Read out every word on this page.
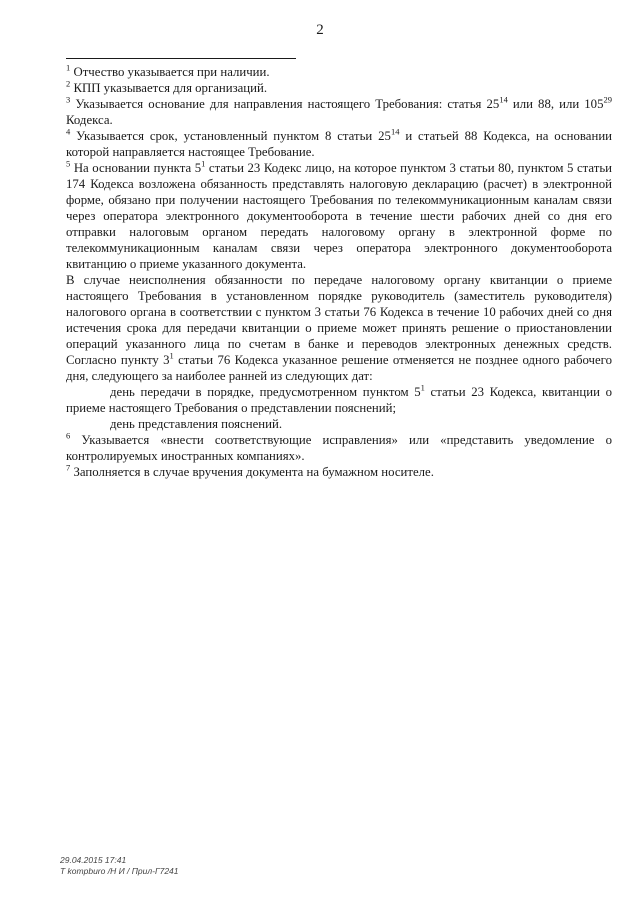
2

$^1$ Отчество указывается при наличии.

$^2$ КПП указывается для организаций.

$^3$ Указывается основание для направления настоящего Требования: статья $25^{14}$ или 88, или $105^{29}$ Кодекса.

$^4$ Указывается срок, установленный пунктом 8 статьи $25^{14}$ и статьей 88 Кодекса, на основании которой направляется настоящее Требование.

$^5$ На основании пункта $5^1$ статьи 23 Кодекс лицо, на которое пунктом 3 статьи 80, пунктом 5 статьи 174 Кодекса возложена обязанность представлять налоговую декларацию (расчет) в электронной форме, обязано при получении настоящего Требования по телекоммуникационным каналам связи через оператора электронного документооборота в течение шести рабочих дней со дня его отправки налоговым органом передать налоговому органу в электронной форме по телекоммуникационным каналам связи через оператора электронного документооборота квитанцию о приеме указанного документа.

В случае неисполнения обязанности по передаче налоговому органу квитанции о приеме настоящего Требования в установленном порядке руководитель (заместитель руководителя) налогового органа в соответствии с пунктом 3 статьи 76 Кодекса в течение 10 рабочих дней со дня истечения срока для передачи квитанции о приеме может принять решение о приостановлении операций указанного лица по счетам в банке и переводов электронных денежных средств. Согласно пункту $3^1$ статьи 76 Кодекса указанное решение отменяется не позднее одного рабочего дня, следующего за наиболее ранней из следующих дат:

день передачи в порядке, предусмотренном пунктом $5^1$ статьи 23 Кодекса, квитанции о приеме настоящего Требования о представлении пояснений;

день представления пояснений.

$^6$ Указывается «внести соответствующие исправления» или «представить уведомление о контролируемых иностранных компаниях».

$^7$ Заполняется в случае вручения документа на бумажном носителе.

29.04.2015 17:41
Т kompburo /Н И / Прил-Г7241
